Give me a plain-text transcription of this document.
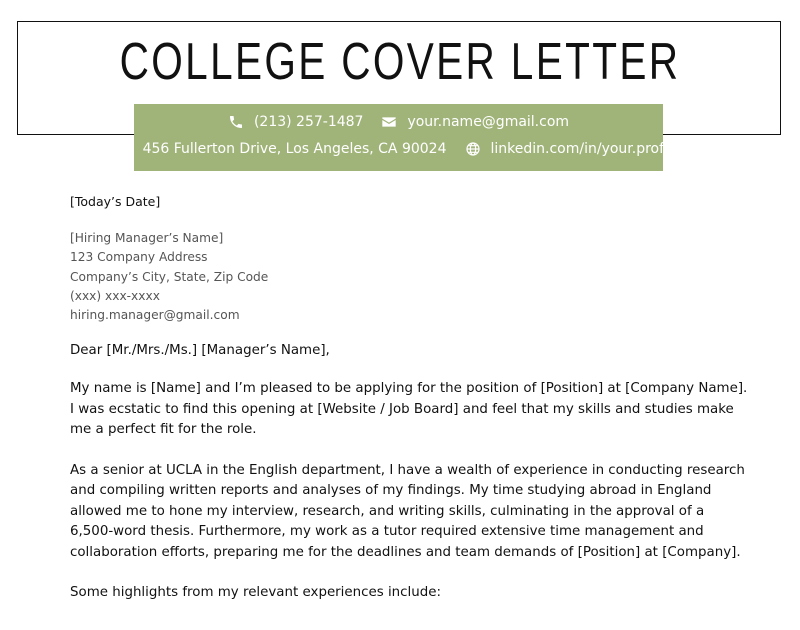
COLLEGE COVER LETTER
(213) 257-1487	your.name@gmail.com
456 Fullerton Drive, Los Angeles, CA 90024	linkedin.com/in/your.profile
[Today’s Date]
[Hiring Manager’s Name]
123 Company Address
Company’s City, State, Zip Code
(xxx) xxx-xxxx
hiring.manager@gmail.com
Dear [Mr./Mrs./Ms.] [Manager’s Name],

My name is [Name] and I’m pleased to be applying for the position of [Position] at [Company Name]. I was ecstatic to find this opening at [Website / Job Board] and feel that my skills and studies make me a perfect fit for the role.

As a senior at UCLA in the English department, I have a wealth of experience in conducting research and compiling written reports and analyses of my findings. My time studying abroad in England allowed me to hone my interview, research, and writing skills, culminating in the approval of a 6,500-word thesis. Furthermore, my work as a tutor required extensive time management and collaboration efforts, preparing me for the deadlines and team demands of [Position] at [Company].

Some highlights from my relevant experiences include:
